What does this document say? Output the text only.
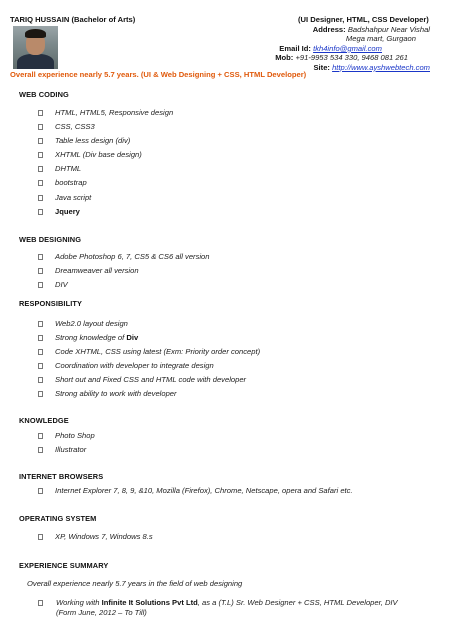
TARIQ HUSSAIN (Bachelor of Arts)	(UI Designer, HTML, CSS Developer)
Address: Badshahpur Near Vishal
Mega mart, Gurgaon
Email Id: tkh4info@gmail.com
Mob: +91-9953 534 330, 9468 081 261
Site: http://www.ayshwebtech.com
Overall experience nearly 5.7 years. (UI & Web Designing + CSS, HTML Developer)
WEB CODING
HTML, HTML5, Responsive design
CSS, CSS3
Table less design (div)
XHTML (Div base design)
DHTML
bootstrap
Java script
Jquery
WEB DESIGNING
Adobe Photoshop 6, 7, CS5 & CS6 all version
Dreamweaver all version
DIV
RESPONSIBILITY
Web2.0 layout design
Strong knowledge of Div
Code XHTML, CSS using latest (Exm: Priority order concept)
Coordination with developer to integrate design
Short out and Fixed CSS and HTML code with developer
Strong ability to work with developer
KNOWLEDGE
Photo Shop
Illustrator
INTERNET BROWSERS
Internet Explorer 7, 8, 9, &10, Mozilla (Firefox), Chrome, Netscape, opera and Safari etc.
OPERATING SYSTEM
XP, Windows 7, Windows 8.s
EXPERIENCE SUMMARY
Overall experience nearly 5.7 years in the field of web designing
Working with Infinite It Solutions Pvt Ltd, as a (T.L) Sr. Web Designer + CSS, HTML Developer, DIV
(Form June, 2012 – To Till)
